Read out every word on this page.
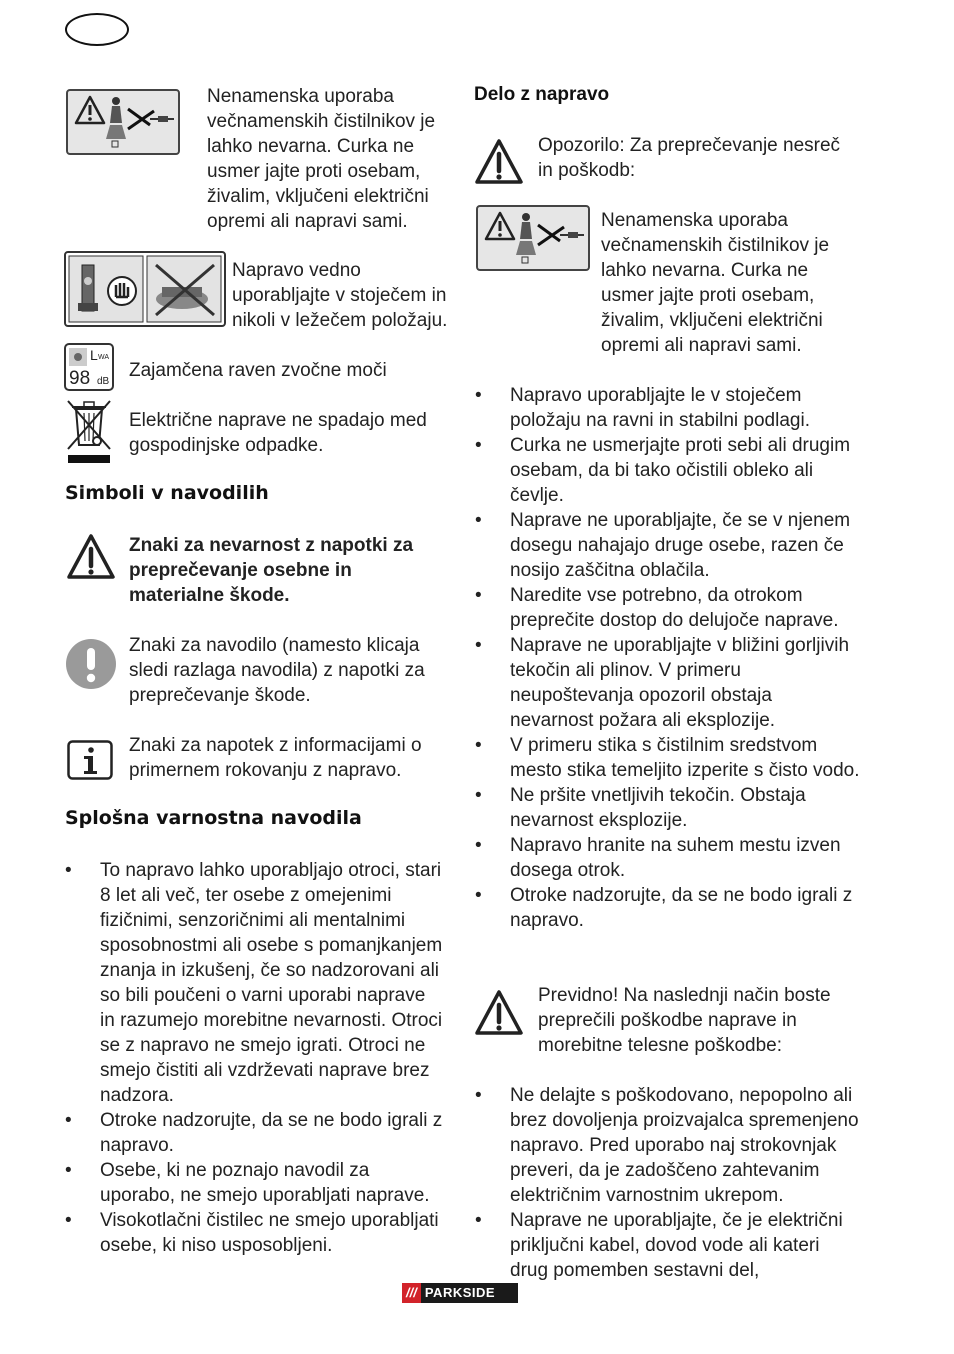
Nenamenska uporaba večnamenskih čistilnikov je lahko nevarna. Curka ne usmer jajte proti osebam, živalim, vključeni električni opremi ali napravi sami.
Napravo vedno uporabljajte v stoječem in nikoli v ležečem položaju.
L WA
98 dB
Zajamčena raven zvočne moči
Električne naprave ne spadajo med gospodinjske odpadke.
Simboli v navodilih
Znaki za nevarnost z napotki za preprečevanje osebne in materialne škode.
Znaki za navodilo (namesto klicaja sledi razlaga navodila) z napotki za preprečevanje škode.
Znaki za napotek z informacijami o primernem rokovanju z napravo.
Splošna varnostna navodila
• To napravo lahko uporabljajo otroci, stari 8 let ali več, ter osebe z omejenimi fizičnimi, senzoričnimi ali mentalnimi sposobnostmi ali osebe s pomanjkanjem znanja in izkušenj, če so nadzorovani ali so bili poučeni o varni uporabi naprave in razumejo morebitne nevarnosti. Otroci se z napravo ne smejo igrati. Otroci ne smejo čistiti ali vzdrževati naprave brez nadzora.
• Otroke nadzorujte, da se ne bodo igrali z napravo.
• Osebe, ki ne poznajo navodil za uporabo, ne smejo uporabljati naprave.
• Visokotlačni čistilec ne smejo uporabljati osebe, ki niso usposobljeni.
Delo z napravo
Opozorilo: Za preprečevanje nesreč in poškodb:
Nenamenska uporaba večnamenskih čistilnikov je lahko nevarna. Curka ne usmer jajte proti osebam, živalim, vključeni električni opremi ali napravi sami.
• Napravo uporabljajte le v stoječem položaju na ravni in stabilni podlagi.
• Curka ne usmerjajte proti sebi ali drugim osebam, da bi tako očistili obleko ali čevlje.
• Naprave ne uporabljajte, če se v njenem dosegu nahajajo druge osebe, razen če nosijo zaščitna oblačila.
• Naredite vse potrebno, da otrokom preprečite dostop do delujoče naprave.
• Naprave ne uporabljajte v bližini gorljivih tekočin ali plinov. V primeru neupoštevanja opozoril obstaja nevarnost požara ali eksplozije.
• V primeru stika s čistilnim sredstvom mesto stika temeljito izperite s čisto vodo.
• Ne pršite vnetljivih tekočin. Obstaja nevarnost eksplozije.
• Napravo hranite na suhem mestu izven dosega otrok.
• Otroke nadzorujte, da se ne bodo igrali z napravo.
Previdno! Na naslednji način boste preprečili poškodbe naprave in morebitne telesne poškodbe:
• Ne delajte s poškodovano, nepopolno ali brez dovoljenja proizvajalca spremenjeno napravo. Pred uporabo naj strokovnjak preveri, da je zadoščeno zahtevanim električnim varnostnim ukrepom.
• Naprave ne uporabljajte, če je električni priključni kabel, dovod vode ali kateri drug pomemben sestavni del,
/// PARKSIDE
